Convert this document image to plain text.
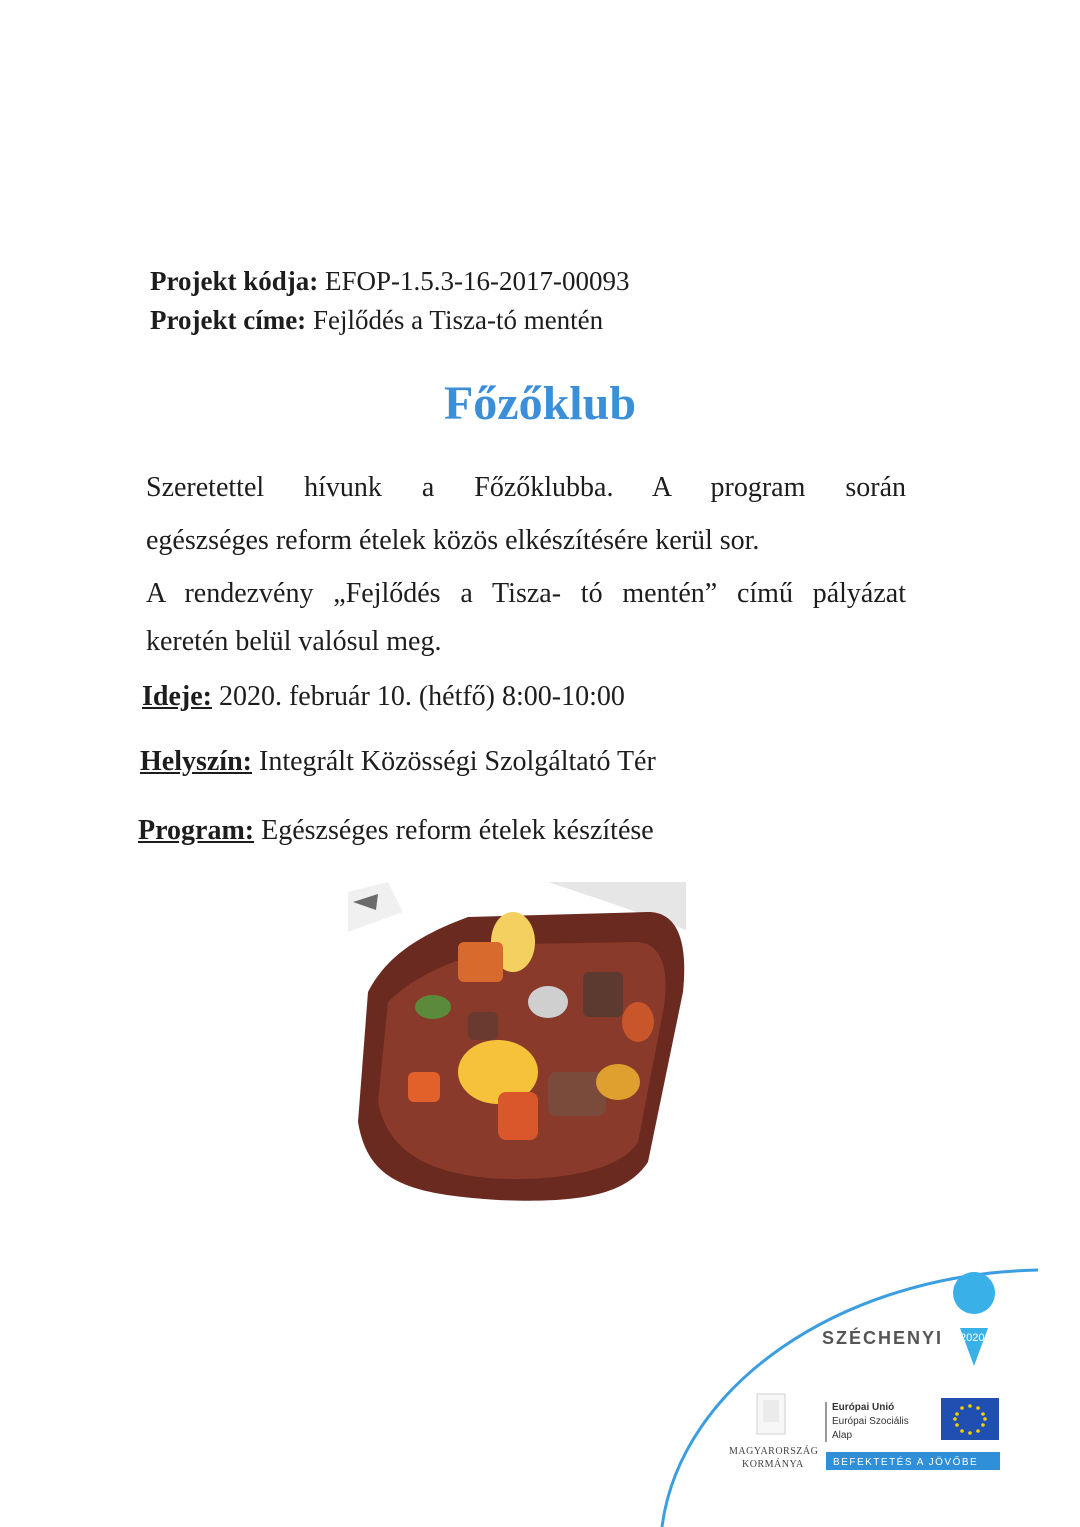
Projekt kódja: EFOP-1.5.3-16-2017-00093
Projekt címe: Fejlődés a Tisza-tó mentén
Főzőklub
Szeretettel hívunk a Főzőklubba. A program során
egészséges reform ételek közös elkészítésére kerül sor.
A rendezvény „Fejlődés a Tisza- tó mentén” című pályázat
keretén belül valósul meg.
Ideje: 2020. február 10. (hétfő) 8:00-10:00
Helyszín: Integrált Közösségi Szolgáltató Tér
Program: Egészséges reform ételek készítése
SZÉCHENYI 2020
MAGYARORSZÁG
KORMÁNYA
Európai Unió
Európai Szociális
Alap
BEFEKTETÉS A JÖVŐBE
